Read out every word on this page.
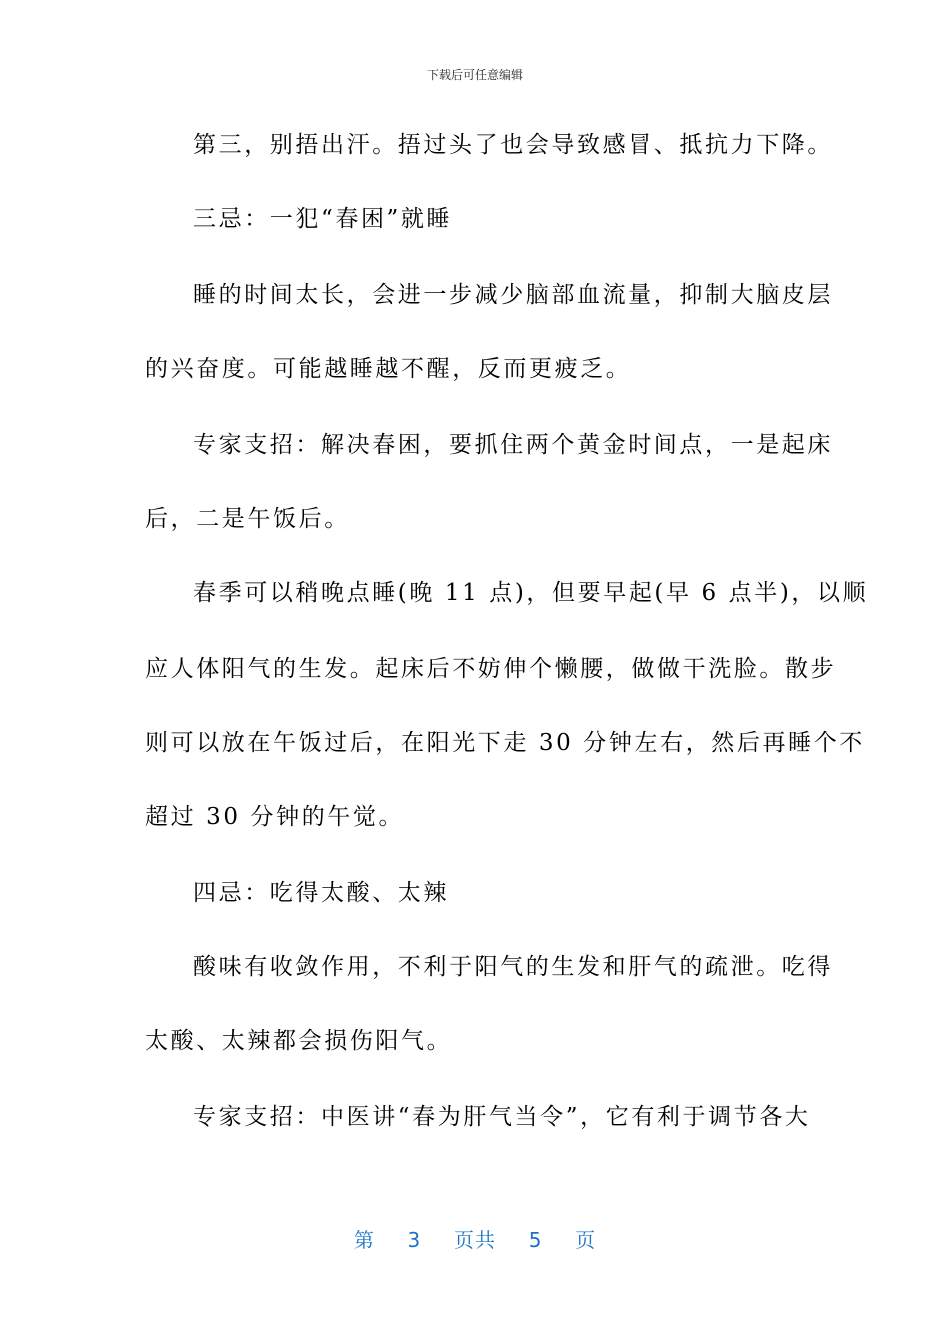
下载后可任意编辑
第三，别捂出汗。捂过头了也会导致感冒、抵抗力下降。
三忌：一犯“春困”就睡
睡的时间太长，会进一步减少脑部血流量，抑制大脑皮层
的兴奋度。可能越睡越不醒，反而更疲乏。
专家支招：解决春困，要抓住两个黄金时间点，一是起床
后，二是午饭后。
春季可以稍晚点睡(晚 11 点)，但要早起(早 6 点半)，以顺
应人体阳气的生发。起床后不妨伸个懒腰，做做干洗脸。散步
则可以放在午饭过后，在阳光下走 30 分钟左右，然后再睡个不
超过 30 分钟的午觉。
四忌：吃得太酸、太辣
酸味有收敛作用，不利于阳气的生发和肝气的疏泄。吃得
太酸、太辣都会损伤阳气。
专家支招：中医讲“春为肝气当令”，它有利于调节各大
第 3 页共 5 页
